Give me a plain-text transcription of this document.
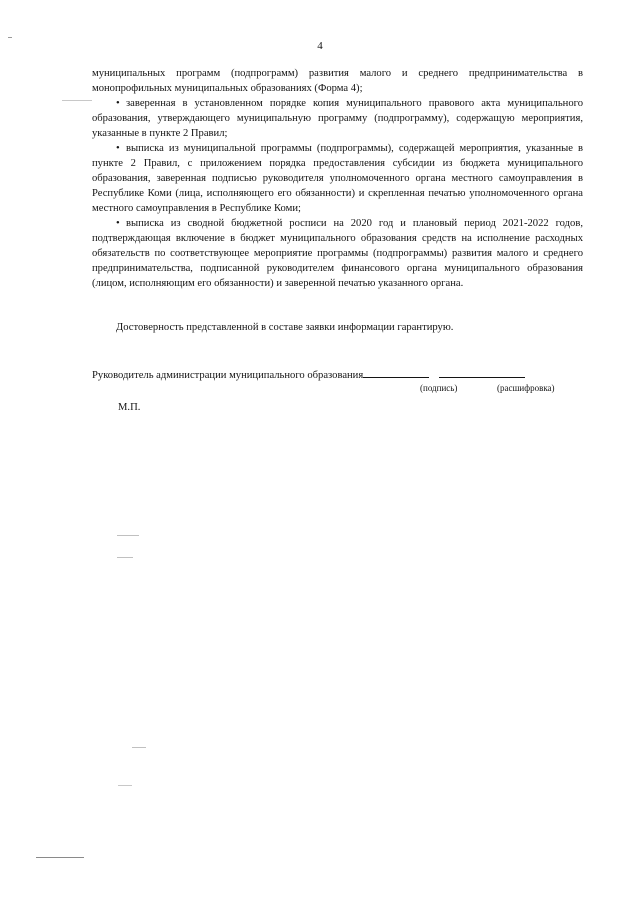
4

муниципальных программ (подпрограмм) развития малого и среднего предпринимательства в монопрофильных муниципальных образованиях (Форма 4);

• заверенная в установленном порядке копия муниципального правового акта муниципального образования, утверждающего муниципальную программу (подпрограмму), содержащую мероприятия, указанные в пункте 2 Правил;

• выписка из муниципальной программы (подпрограммы), содержащей мероприятия, указанные в пункте 2 Правил, с приложением порядка предоставления субсидии из бюджета муниципального образования, заверенная подписью руководителя уполномоченного органа местного самоуправления в Республике Коми (лица, исполняющего его обязанности) и скрепленная печатью уполномоченного органа местного самоуправления в Республике Коми;

• выписка из сводной бюджетной росписи на 2020 год и плановый период 2021-2022 годов, подтверждающая включение в бюджет муниципального образования средств на исполнение расходных обязательств по соответствующее мероприятие программы (подпрограммы) развития малого и среднего предпринимательства, подписанной руководителем финансового органа муниципального образования (лицом, исполняющим его обязанности) и заверенной печатью указанного органа.

Достоверность представленной в составе заявки информации гарантирую.
Руководитель администрации муниципального образования
(подпись)	(расшифровка)
М.П.
